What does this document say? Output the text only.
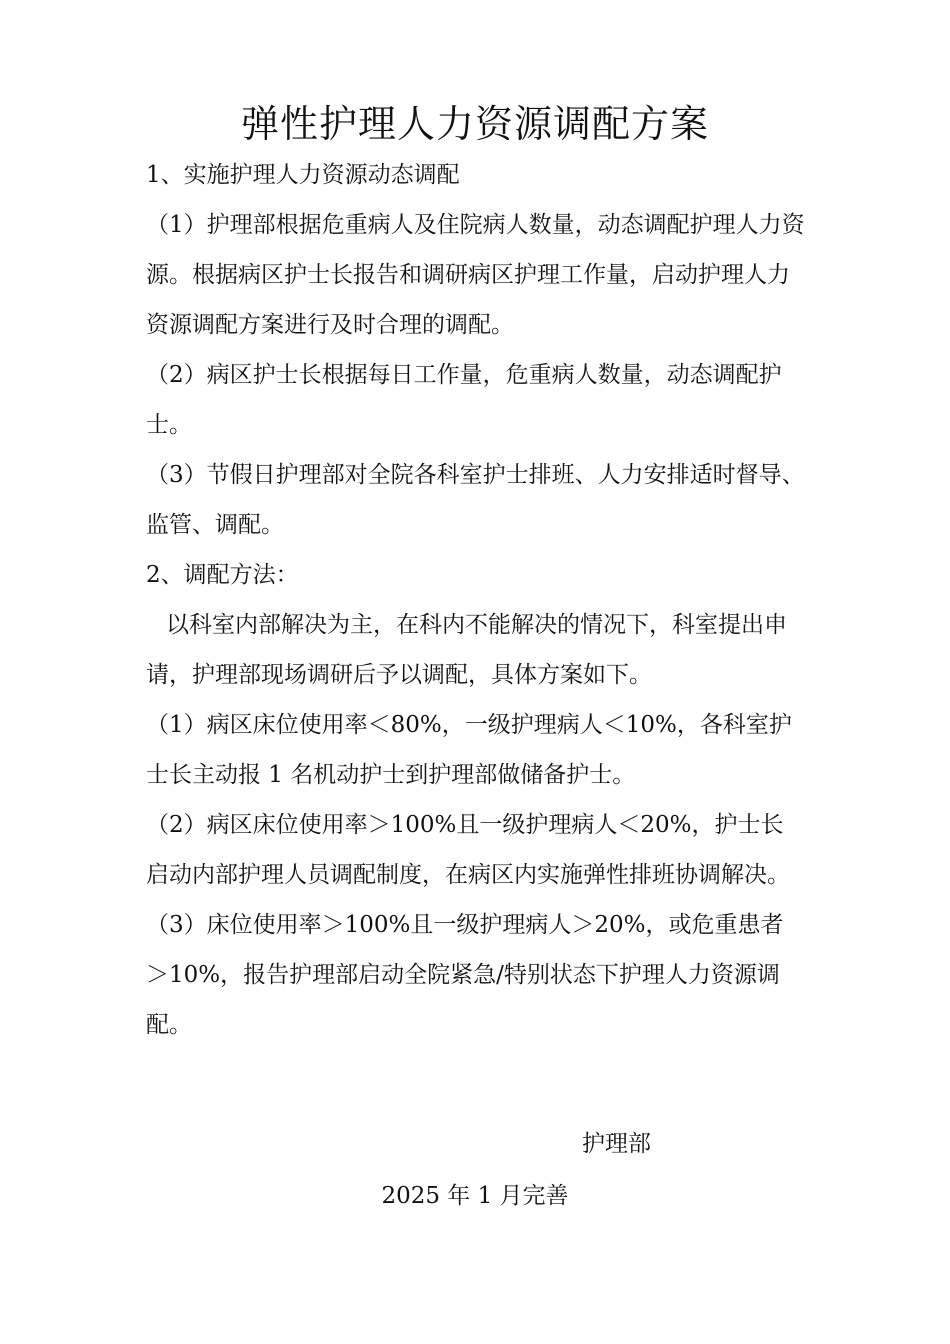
弹性护理人力资源调配方案

1、实施护理人力资源动态调配

（1）护理部根据危重病人及住院病人数量，动态调配护理人力资源。根据病区护士长报告和调研病区护理工作量，启动护理人力资源调配方案进行及时合理的调配。

（2）病区护士长根据每日工作量，危重病人数量，动态调配护士。

（3）节假日护理部对全院各科室护士排班、人力安排适时督导、监管、调配。

2、调配方法：

以科室内部解决为主，在科内不能解决的情况下，科室提出申请，护理部现场调研后予以调配，具体方案如下。

（1）病区床位使用率＜80%，一级护理病人＜10%，各科室护士长主动报 1 名机动护士到护理部做储备护士。

（2）病区床位使用率＞100%且一级护理病人＜20%，护士长启动内部护理人员调配制度，在病区内实施弹性排班协调解决。

（3）床位使用率＞100%且一级护理病人＞20%，或危重患者＞10%，报告护理部启动全院紧急/特别状态下护理人力资源调配。

护理部
2025 年 1 月完善
